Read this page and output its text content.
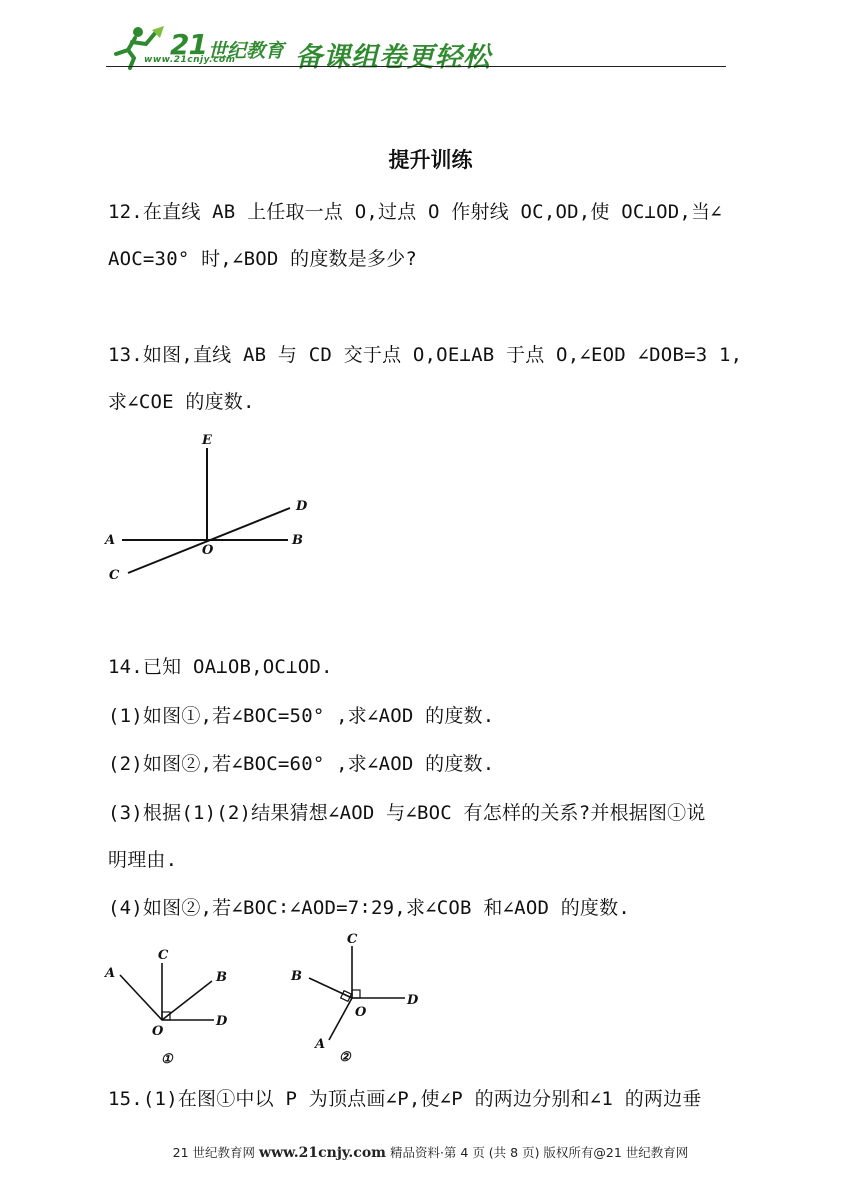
21 世纪教育
www.21cnjy.com 备课组卷更轻松
提升训练
12.在直线 AB 上任取一点 O,过点 O 作射线 OC,OD,使 OC⊥OD,当∠
AOC=30° 时,∠BOD 的度数是多少?
13.如图,直线 AB 与 CD 交于点 O,OE⊥AB 于点 O,∠EOD ∠DOB=3 1,
求∠COE 的度数.
E
D
A
O
B
C
14.已知 OA⊥OB,OC⊥OD.
(1)如图①,若∠BOC=50° ,求∠AOD 的度数.
(2)如图②,若∠BOC=60° ,求∠AOD 的度数.
(3)根据(1)(2)结果猜想∠AOD 与∠BOC 有怎样的关系?并根据图①说
明理由.
(4)如图②,若∠BOC∶∠AOD=7∶29,求∠COB 和∠AOD 的度数.
A
C
B
O
D
①
C
B
O
D
A
②
15.(1)在图①中以 P 为顶点画∠P,使∠P 的两边分别和∠1 的两边垂
21 世纪教育网 www.21cnjy.com 精品资料·第 4 页 (共 8 页) 版权所有@21 世纪教育网
